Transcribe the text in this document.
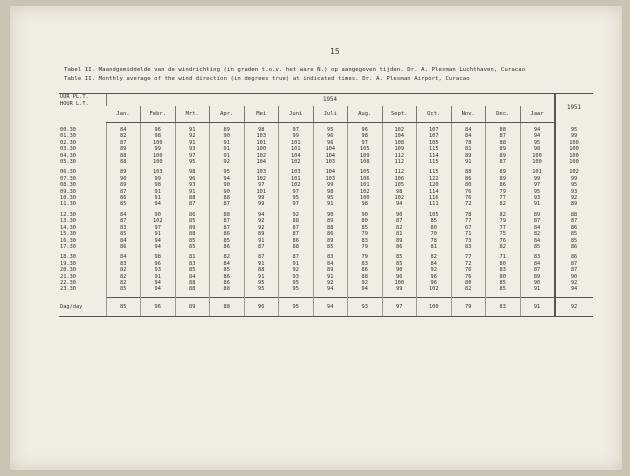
15
Tabel II. Maandgemiddelde van de windrichting (in graden t.o.v. het ware N.) op aangegeven tijden. Dr. A. Plesman Luchthaven, Curacao
Table II. Monthly average of the wind direction (in degrees true) at indicated times. Dr. A. Plesman Airport, Curacao
UUR PL.T.
HOUR L.T.	1954													1951
	Jan.	Febr.	Mrt.	Apr.	Mei	Juni	Juli	Aug.	Sept.	Oct.	Nov.	Dec.	Jaar	

00.30	84	96	91	89	98	97	95	96	102	107	84	88	94	95
01.30	82	98	92	90	103	99	96	98	104	107	84	87	94	99
02.30	87	100	91	91	101	101	96	97	108	105	78	88	95	100
03.30	89	99	93	91	100	101	104	105	109	115	81	89	98	100
04.30	88	100	97	91	102	104	104	109	112	114	89	89	100	100
05.30	88	100	95	92	104	102	103	108	112	115	91	87	100	100

06.30	89	103	98	95	103	103	104	105	112	115	88	89	101	102
07.30	90	99	96	94	102	101	103	106	106	122	86	89	99	99
08.30	89	98	93	90	97	102	99	101	105	120	80	86	97	95
09.30	87	91	91	90	101	97	98	102	98	114	76	79	95	93
10.30	86	91	88	88	99	95	95	100	102	116	76	77	93	92
11.30	85	94	87	87	99	97	91	98	94	111	72	82	91	89

12.30	84	90	86	88	94	92	90	90	90	105	78	82	89	88
13.30	87	102	85	87	92	88	89	80	87	85	77	79	87	87
14.30	83	97	89	87	92	87	88	85	82	80	67	77	84	86
15.30	85	91	88	86	89	87	86	79	81	70	71	75	82	85
16.30	84	94	85	85	91	86	89	83	89	78	73	76	84	85
17.30	86	94	85	86	87	88	85	79	86	81	83	82	85	86

18.30	84	98	81	82	87	87	83	79	85	82	77	71	83	86
19.30	83	96	83	84	91	91	84	83	85	84	72	80	84	87
20.30	82	93	85	85	88	92	89	86	90	92	76	83	87	87
21.30	82	91	84	86	91	93	91	88	96	98	76	80	89	90
22.30	82	94	88	86	95	95	92	92	100	96	80	85	90	92
23.30	85	94	88	88	95	95	94	94	99	102	82	85	91	94

Dag/day	85	96	89	88	96	95	94	93	97	100	79	83	91	92
